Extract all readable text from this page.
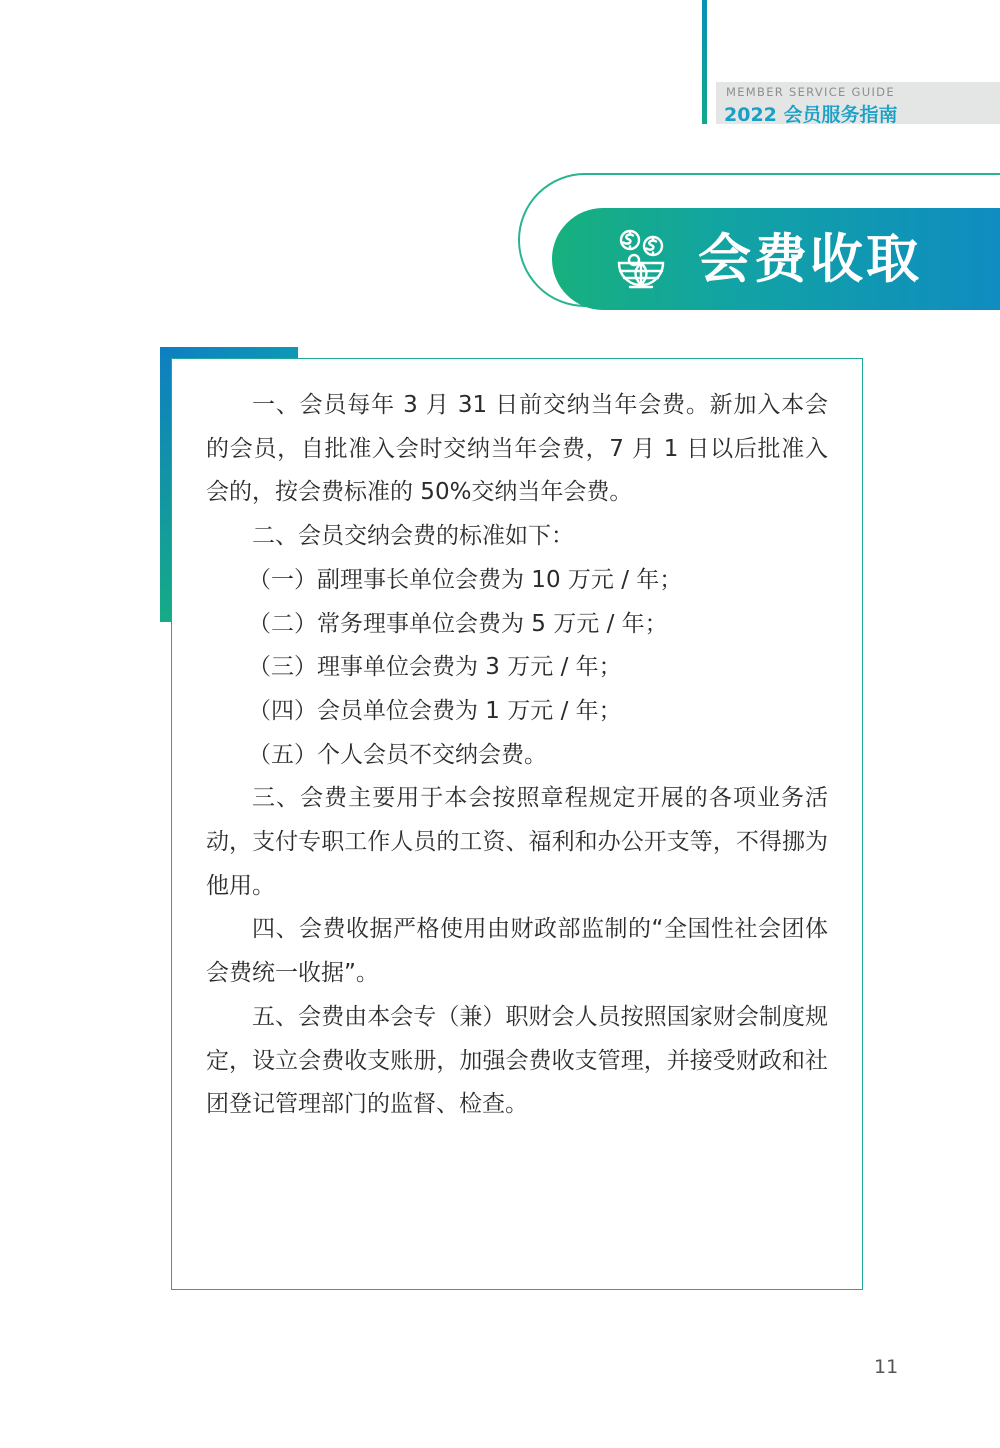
MEMBER SERVICE GUIDE
2022 会员服务指南
会费收取

一、会员每年 3 月 31 日前交纳当年会费。新加入本会的会员，自批准入会时交纳当年会费，7 月 1 日以后批准入会的，按会费标准的 50%交纳当年会费。

二、会员交纳会费的标准如下：

（一）副理事长单位会费为 10 万元 / 年；

（二）常务理事单位会费为 5 万元 / 年；

（三）理事单位会费为 3 万元 / 年；

（四）会员单位会费为 1 万元 / 年；

（五）个人会员不交纳会费。

三、会费主要用于本会按照章程规定开展的各项业务活动，支付专职工作人员的工资、福利和办公开支等，不得挪为他用。

四、会费收据严格使用由财政部监制的“全国性社会团体会费统一收据”。

五、会费由本会专（兼）职财会人员按照国家财会制度规定，设立会费收支账册，加强会费收支管理，并接受财政和社团登记管理部门的监督、检查。

11
